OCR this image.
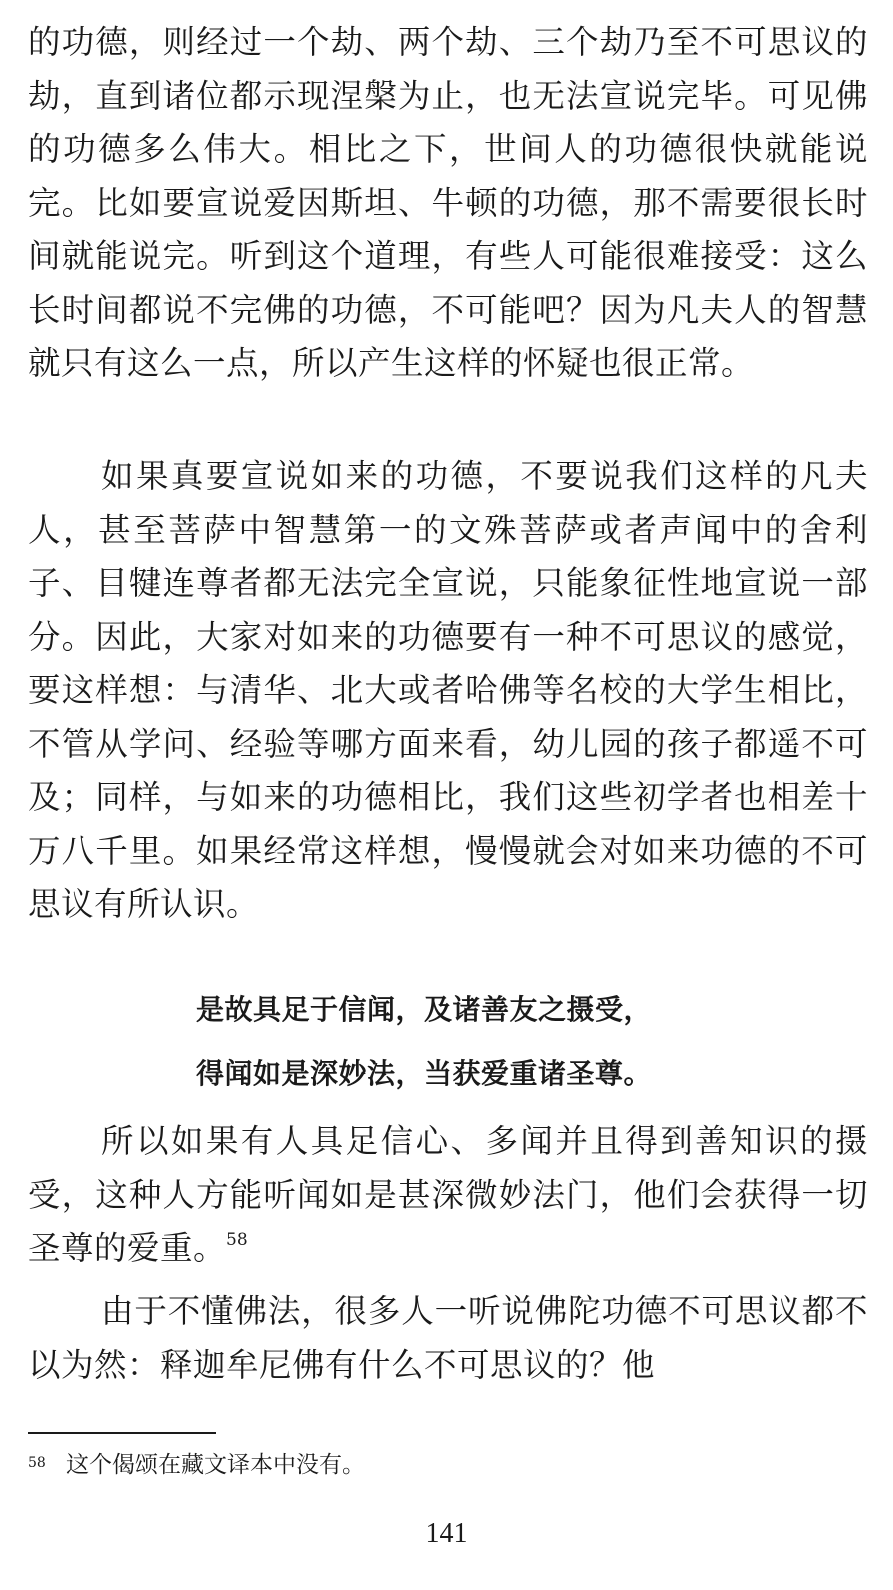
的功德，则经过一个劫、两个劫、三个劫乃至不可思议的劫，直到诸位都示现涅槃为止，也无法宣说完毕。可见佛的功德多么伟大。相比之下，世间人的功德很快就能说完。比如要宣说爱因斯坦、牛顿的功德，那不需要很长时间就能说完。听到这个道理，有些人可能很难接受：这么长时间都说不完佛的功德，不可能吧？因为凡夫人的智慧就只有这么一点，所以产生这样的怀疑也很正常。

如果真要宣说如来的功德，不要说我们这样的凡夫人，甚至菩萨中智慧第一的文殊菩萨或者声闻中的舍利子、目犍连尊者都无法完全宣说，只能象征性地宣说一部分。因此，大家对如来的功德要有一种不可思议的感觉，要这样想：与清华、北大或者哈佛等名校的大学生相比，不管从学问、经验等哪方面来看，幼儿园的孩子都遥不可及；同样，与如来的功德相比，我们这些初学者也相差十万八千里。如果经常这样想，慢慢就会对如来功德的不可思议有所认识。

是故具足于信闻，及诸善友之摄受，
得闻如是深妙法，当获爱重诸圣尊。

所以如果有人具足信心、多闻并且得到善知识的摄受，这种人方能听闻如是甚深微妙法门，他们会获得一切圣尊的爱重。$^{58}$

由于不懂佛法，很多人一听说佛陀功德不可思议都不以为然：释迦牟尼佛有什么不可思议的？他

58 这个偈颂在藏文译本中没有。
141
